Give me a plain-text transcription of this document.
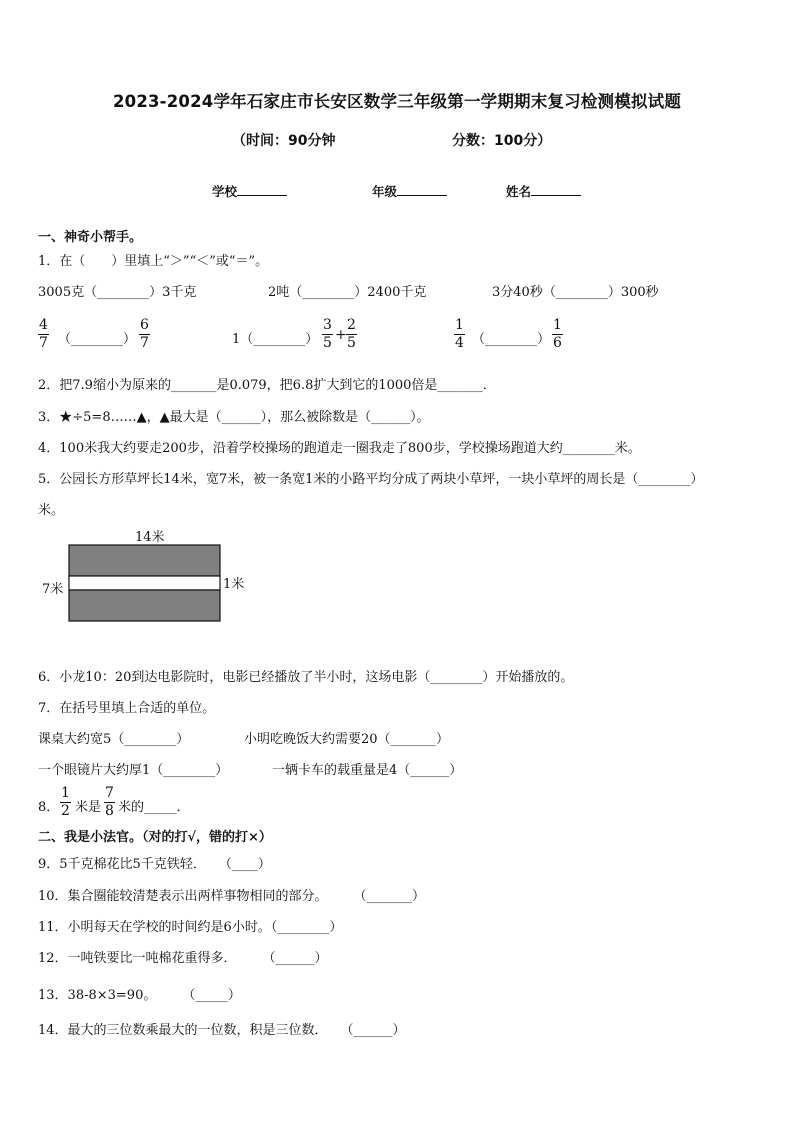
2023-2024学年石家庄市长安区数学三年级第一学期期末复习检测模拟试题
（时间：90分钟	分数：100分）
学校	年级	姓名
一、神奇小帮手。
1．在（　　）里填上“＞”“＜”或“＝”。
3005克（________）3千克	2吨（________）2400千克	3分40秒（________）300秒
4
7 （________）
6
7	1（________）
3
5 +
2
5
1
4 （________）
1
6
2．把7.9缩小为原来的_______是0.079，把6.8扩大到它的1000倍是_______．
3．★÷5=8……▲，▲最大是（______），那么被除数是（______）。
4．100米我大约要走200步，沿着学校操场的跑道走一圈我走了800步，学校操场跑道大约________米。
5．公园长方形草坪长14米，宽7米，被一条宽1米的小路平均分成了两块小草坪，一块小草坪的周长是（________）
米。
14米
7米	1米
6．小龙10：20到达电影院时，电影已经播放了半小时，这场电影（________）开始播放的。
7．在括号里填上合适的单位。
课桌大约宽5（________）	小明吃晚饭大约需要20（_______）
一个眼镜片大约厚1（________）	一辆卡车的载重量是4（______）
8．
1
2 米是
7
8 米的_____．
二、我是小法官。（对的打√，错的打×）
9．5千克棉花比5千克铁轻．　　（____）
10．集合圈能较清楚表示出两样事物相同的部分。　　　（_______）
11．小明每天在学校的时间约是6小时。（________）
12．一吨铁要比一吨棉花重得多．　　　（______）
13．38-8×3=90。　　　（_____）
14．最大的三位数乘最大的一位数，积是三位数．　　（______）
